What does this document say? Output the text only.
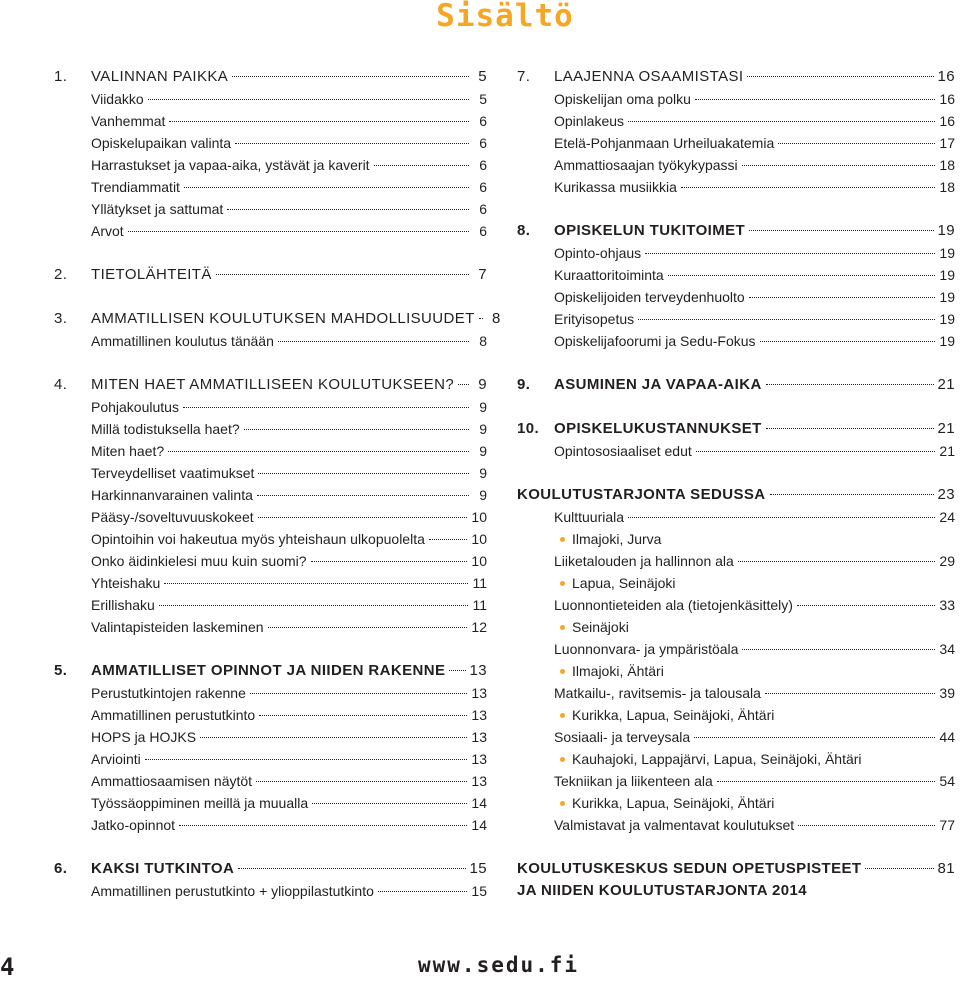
Sisältö
1. VALINNAN PAIKKA	5
Viidakko	5
Vanhemmat	6
Opiskelupaikan valinta	6
Harrastukset ja vapaa-aika, ystävät ja kaverit	6
Trendiammatit	6
Yllätykset ja sattumat	6
Arvot	6
2. TIETOLÄHTEITÄ	7
3. AMMATILLISEN KOULUTUKSEN MAHDOLLISUUDET	8
Ammatillinen koulutus tänään	8
4. MITEN HAET AMMATILLISEEN KOULUTUKSEEN?	9
Pohjakoulutus	9
Millä todistuksella haet?	9
Miten haet?	9
Terveydelliset vaatimukset	9
Harkinnanvarainen valinta	9
Pääsy-/soveltuvuuskokeet	10
Opintoihin voi hakeutua myös yhteishaun ulkopuolelta	10
Onko äidinkielesi muu kuin suomi?	10
Yhteishaku	11
Erillishaku	11
Valintapisteiden laskeminen	12
5. AMMATILLISET OPINNOT JA NIIDEN RAKENNE 13
Perustutkintojen rakenne	13
Ammatillinen perustutkinto	13
HOPS ja HOJKS	13
Arviointi	13
Ammattiosaamisen näytöt	13
Työssäoppiminen meillä ja muualla	14
Jatko-opinnot	14
6. KAKSI TUTKINTOA	15
Ammatillinen perustutkinto + ylioppilastutkinto	15
7. LAAJENNA OSAAMISTASI	16
Opiskelijan oma polku	16
Opinlakeus	16
Etelä-Pohjanmaan Urheiluakatemia	17
Ammattiosaajan työkykypassi	18
Kurikassa musiikkia	18
8. OPISKELUN TUKITOIMET	19
Opinto-ohjaus	19
Kuraattoritoiminta	19
Opiskelijoiden terveydenhuolto	19
Erityisopetus	19
Opiskelijafoorumi ja Sedu-Fokus	19
9. ASUMINEN JA VAPAA-AIKA	21
10. OPISKELUKUSTANNUKSET	21
Opintososiaaliset edut	21
KOULUTUSTARJONTA SEDUSSA	23
Kulttuuriala	24
Ilmajoki, Jurva
Liiketalouden ja hallinnon ala	29
Lapua, Seinäjoki
Luonnontieteiden ala (tietojenkäsittely)	33
Seinäjoki
Luonnonvara- ja ympäristöala	34
Ilmajoki, Ähtäri
Matkailu-, ravitsemis- ja talousala	39
Kurikka, Lapua, Seinäjoki, Ähtäri
Sosiaali- ja terveysala	44
Kauhajoki, Lappajärvi, Lapua, Seinäjoki, Ähtäri
Tekniikan ja liikenteen ala	54
Kurikka, Lapua, Seinäjoki, Ähtäri
Valmistavat ja valmentavat koulutukset	77
KOULUTUSKESKUS SEDUN OPETUSPISTEET	81
JA NIIDEN KOULUTUSTARJONTA 2014
4	www.sedu.fi
